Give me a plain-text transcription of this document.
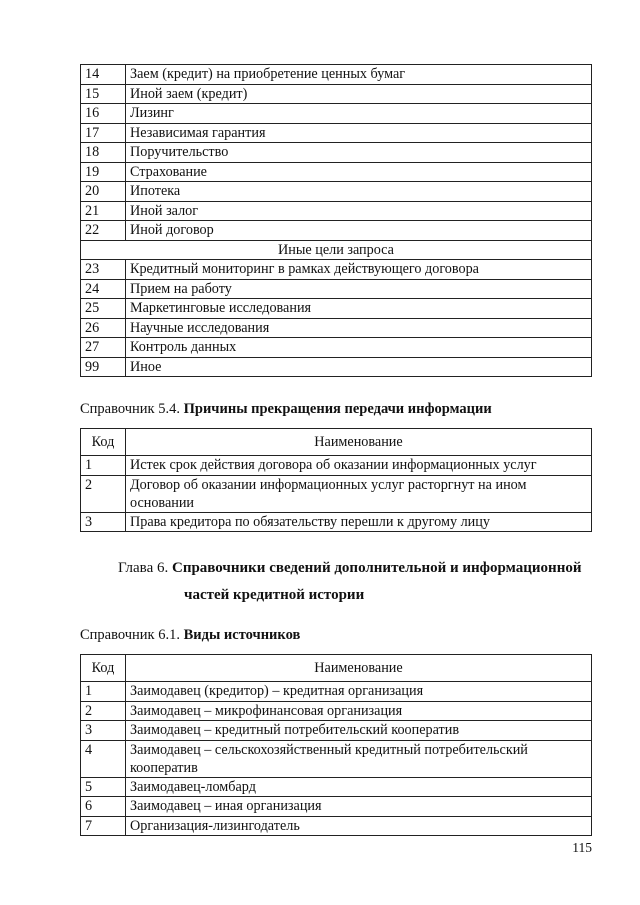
14	Заем (кредит) на приобретение ценных бумаг
15	Иной заем (кредит)
16	Лизинг
17	Независимая гарантия
18	Поручительство
19	Страхование
20	Ипотека
21	Иной залог
22	Иной договор
Иные цели запроса	
23	Кредитный мониторинг в рамках действующего договора
24	Прием на работу
25	Маркетинговые исследования
26	Научные исследования
27	Контроль данных
99	Иное
Справочник 5.4. Причины прекращения передачи информации
Код	Наименование
1	Истек срок действия договора об оказании информационных услуг
2	Договор об оказании информационных услуг расторгнут на ином основании
3	Права кредитора по обязательству перешли к другому лицу
Глава 6. Справочники сведений дополнительной и информационной
частей кредитной истории
Справочник 6.1. Виды источников
Код	Наименование
1	Заимодавец (кредитор) – кредитная организация
2	Заимодавец – микрофинансовая организация
3	Заимодавец – кредитный потребительский кооператив
4	Заимодавец – сельскохозяйственный кредитный потребительский кооператив
5	Заимодавец-ломбард
6	Заимодавец – иная организация
7	Организация-лизингодатель
115
